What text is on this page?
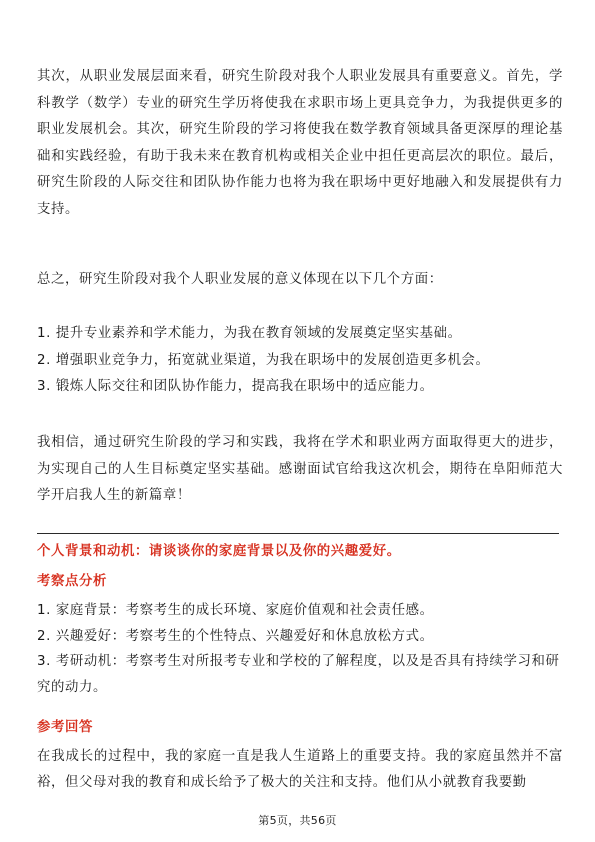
其次，从职业发展层面来看，研究生阶段对我个人职业发展具有重要意义。首先，学科教学（数学）专业的研究生学历将使我在求职市场上更具竞争力，为我提供更多的职业发展机会。其次，研究生阶段的学习将使我在数学教育领域具备更深厚的理论基础和实践经验，有助于我未来在教育机构或相关企业中担任更高层次的职位。最后，研究生阶段的人际交往和团队协作能力也将为我在职场中更好地融入和发展提供有力支持。

总之，研究生阶段对我个人职业发展的意义体现在以下几个方面：

1. 提升专业素养和学术能力，为我在教育领域的发展奠定坚实基础。
2. 增强职业竞争力，拓宽就业渠道，为我在职场中的发展创造更多机会。
3. 锻炼人际交往和团队协作能力，提高我在职场中的适应能力。

我相信，通过研究生阶段的学习和实践，我将在学术和职业两方面取得更大的进步，为实现自己的人生目标奠定坚实基础。感谢面试官给我这次机会，期待在阜阳师范大学开启我人生的新篇章！

个人背景和动机：请谈谈你的家庭背景以及你的兴趣爱好。
考察点分析
1. 家庭背景：考察考生的成长环境、家庭价值观和社会责任感。
2. 兴趣爱好：考察考生的个性特点、兴趣爱好和休息放松方式。
3. 考研动机：考察考生对所报考专业和学校的了解程度，以及是否具有持续学习和研究的动力。
参考回答

在我成长的过程中，我的家庭一直是我人生道路上的重要支持。我的家庭虽然并不富裕，但父母对我的教育和成长给予了极大的关注和支持。他们从小就教育我要勤

第5页，共56页
